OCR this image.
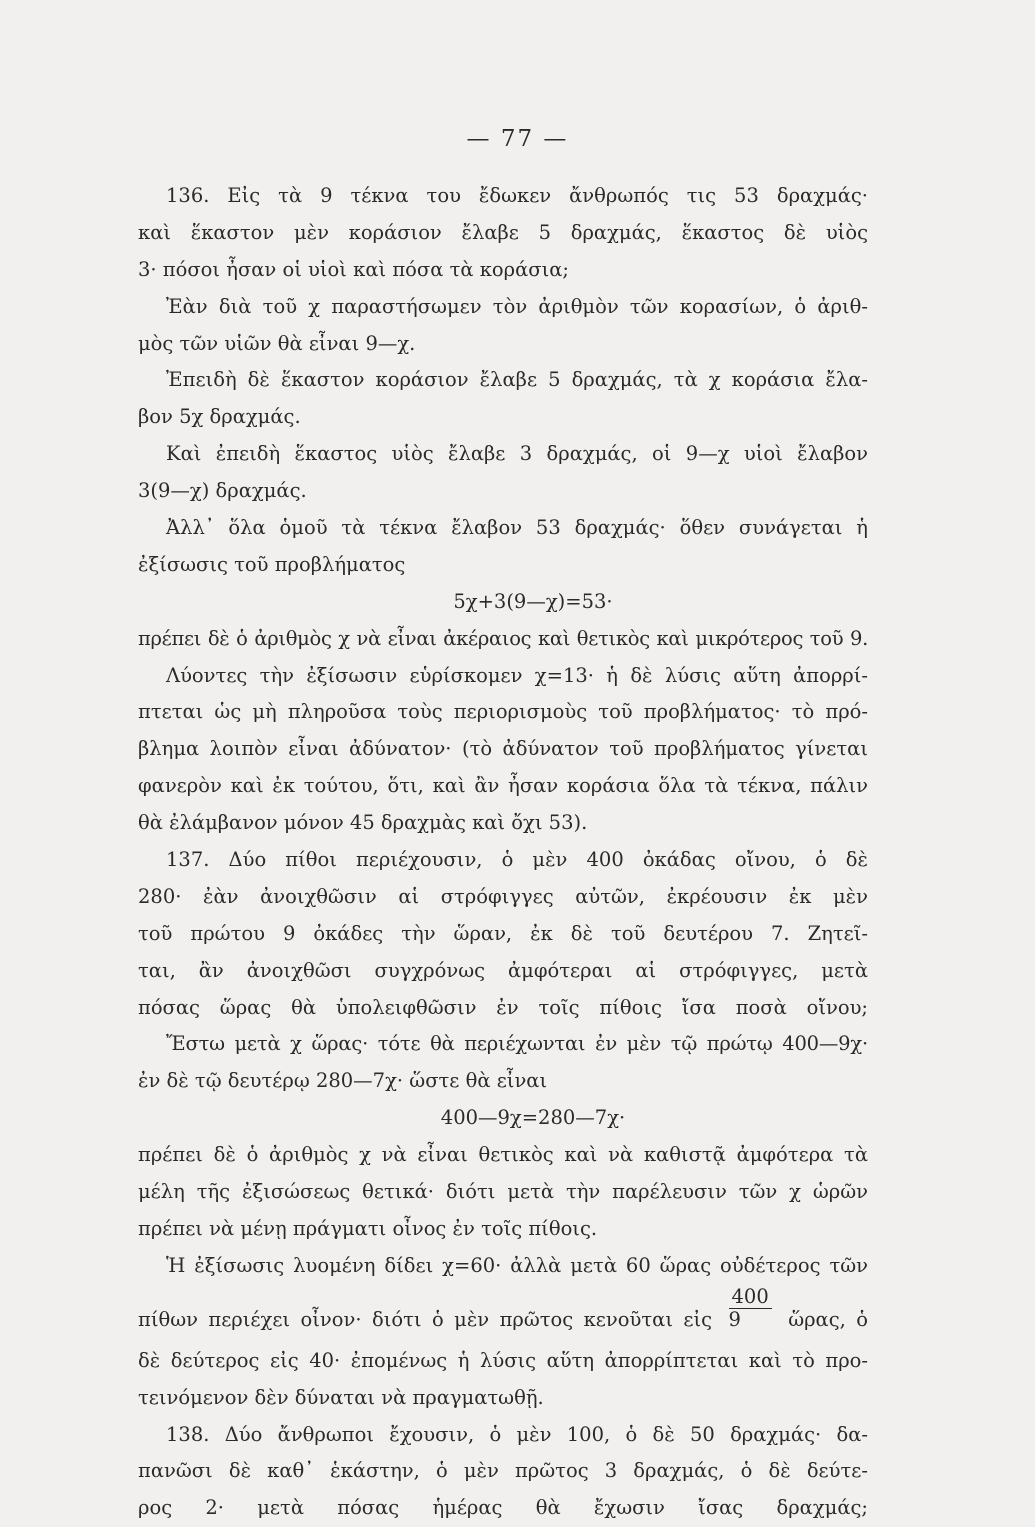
— 77 —
136. Εἰς τὰ 9 τέκνα του ἔδωκεν ἄνθρωπός τις 53 δραχμάς·
καὶ ἕκαστον μὲν κοράσιον ἔλαβε 5 δραχμάς, ἕκαστος δὲ υἱὸς
3· πόσοι ἦσαν οἱ υἱοὶ καὶ πόσα τὰ κοράσια;
Ἐὰν διὰ τοῦ χ παραστήσωμεν τὸν ἀριθμὸν τῶν κορασίων, ὁ ἀριθ-
μὸς τῶν υἱῶν θὰ εἶναι 9—χ.
Ἐπειδὴ δὲ ἕκαστον κοράσιον ἔλαβε 5 δραχμάς, τὰ χ κοράσια ἔλα-
βον 5χ δραχμάς.
Καὶ ἐπειδὴ ἕκαστος υἱὸς ἔλαβε 3 δραχμάς, οἱ 9—χ υἱοὶ ἔλαβον
3(9—χ) δραχμάς.
Ἀλλ᾽ ὅλα ὁμοῦ τὰ τέκνα ἔλαβον 53 δραχμάς· ὅθεν συνάγεται ἡ
ἐξίσωσις τοῦ προβλήματος
5χ+3(9—χ)=53·
πρέπει δὲ ὁ ἀριθμὸς χ νὰ εἶναι ἀκέραιος καὶ θετικὸς καὶ μικρότερος τοῦ 9.
Λύοντες τὴν ἐξίσωσιν εὑρίσκομεν χ=13· ἡ δὲ λύσις αὕτη ἀπορρί-
πτεται ὡς μὴ πληροῦσα τοὺς περιορισμοὺς τοῦ προβλήματος· τὸ πρό-
βλημα λοιπὸν εἶναι ἀδύνατον· (τὸ ἀδύνατον τοῦ προβλήματος γίνεται
φανερὸν καὶ ἐκ τούτου, ὅτι, καὶ ἂν ἦσαν κοράσια ὅλα τὰ τέκνα, πάλιν
θὰ ἐλάμβανον μόνον 45 δραχμὰς καὶ ὄχι 53).
137. Δύο πίθοι περιέχουσιν, ὁ μὲν 400 ὀκάδας οἴνου, ὁ δὲ
280· ἐὰν ἀνοιχθῶσιν αἱ στρόφιγγες αὐτῶν, ἐκρέουσιν ἐκ μὲν
τοῦ πρώτου 9 ὀκάδες τὴν ὥραν, ἐκ δὲ τοῦ δευτέρου 7. Ζητεῖ-
ται, ἂν ἀνοιχθῶσι συγχρόνως ἀμφότεραι αἱ στρόφιγγες, μετὰ
πόσας ὥρας θὰ ὑπολειφθῶσιν ἐν τοῖς πίθοις ἴσα ποσὰ οἴνου;
Ἔστω μετὰ χ ὥρας· τότε θὰ περιέχωνται ἐν μὲν τῷ πρώτῳ 400—9χ·
ἐν δὲ τῷ δευτέρῳ 280—7χ· ὥστε θὰ εἶναι
400—9χ=280—7χ·
πρέπει δὲ ὁ ἀριθμὸς χ νὰ εἶναι θετικὸς καὶ νὰ καθιστᾷ ἀμφότερα τὰ
μέλη τῆς ἐξισώσεως θετικά· διότι μετὰ τὴν παρέλευσιν τῶν χ ὡρῶν
πρέπει νὰ μένῃ πράγματι οἶνος ἐν τοῖς πίθοις.
Ἡ ἐξίσωσις λυομένη δίδει χ=60· ἀλλὰ μετὰ 60 ὥρας οὐδέτερος τῶν
πίθων περιέχει οἶνον· διότι ὁ μὲν πρῶτος κενοῦται εἰς $\frac{400}{9}$ ὥρας, ὁ
δὲ δεύτερος εἰς 40· ἐπομένως ἡ λύσις αὕτη ἀπορρίπτεται καὶ τὸ προ-
τεινόμενον δὲν δύναται νὰ πραγματωθῇ.
138. Δύο ἄνθρωποι ἔχουσιν, ὁ μὲν 100, ὁ δὲ 50 δραχμάς· δα-
πανῶσι δὲ καθ᾽ ἑκάστην, ὁ μὲν πρῶτος 3 δραχμάς, ὁ δὲ δεύτε-
ρος 2· μετὰ πόσας ἡμέρας θὰ ἔχωσιν ἴσας δραχμάς;
